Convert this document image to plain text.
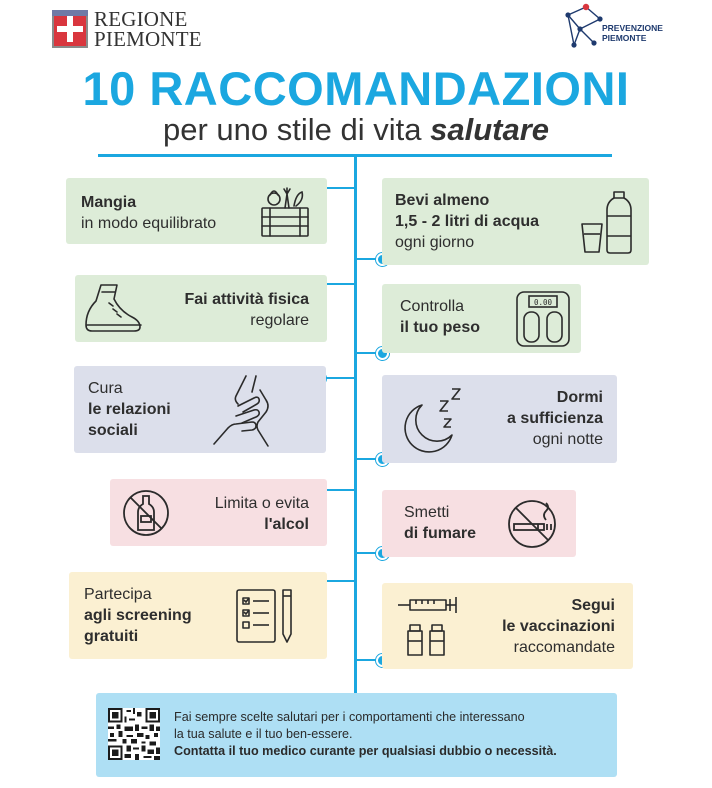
REGIONE
PIEMONTE	PREVENZIONE
PIEMONTE
10 RACCOMANDAZIONI
per uno stile di vita salutare
Mangia
in modo equilibrato
Bevi almeno
1,5 - 2 litri di acqua
ogni giorno
Fai attività fisica
regolare
Controlla
il tuo peso
0.00
Cura
le relazioni
sociali
Dormi
a sufficienza
ogni notte
Limita o evita
l'alcol
Smetti
di fumare
Partecipa
agli screening
gratuiti
Segui
le vaccinazioni
raccomandate
Fai sempre scelte salutari per i comportamenti che interessano
la tua salute e il tuo ben-essere.
Contatta il tuo medico curante per qualsiasi dubbio o necessità.
